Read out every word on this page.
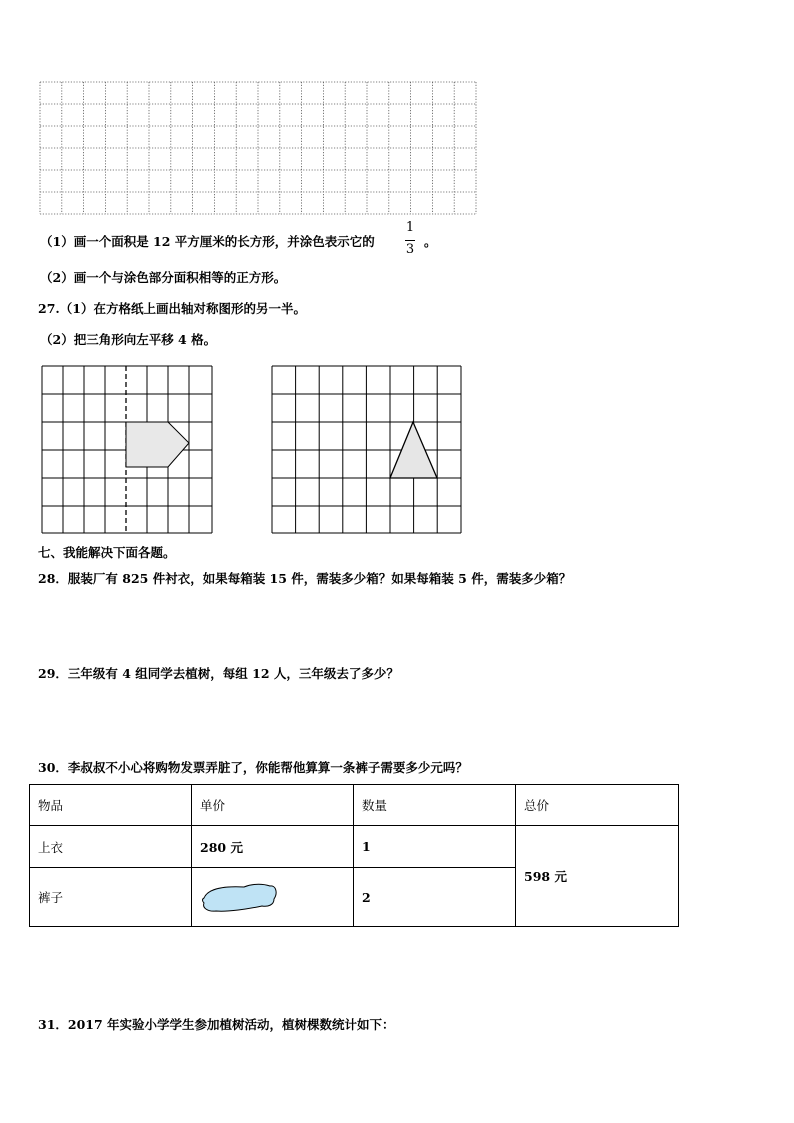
（1）画一个面积是 12 平方厘米的长方形，并涂色表示它的
1
3
。
（2）画一个与涂色部分面积相等的正方形。
27.（1）在方格纸上画出轴对称图形的另一半。
（2）把三角形向左平移 4 格。
七、我能解决下面各题。
28．服装厂有 825 件衬衣，如果每箱装 15 件，需装多少箱？如果每箱装 5 件，需装多少箱？
29．三年级有 4 组同学去植树，每组 12 人，三年级去了多少？
30．李叔叔不小心将购物发票弄脏了，你能帮他算算一条裤子需要多少元吗？
物品	单价	数量	总价
上衣	280 元	1	598 元
裤子		2	
31．2017 年实验小学学生参加植树活动，植树棵数统计如下：
